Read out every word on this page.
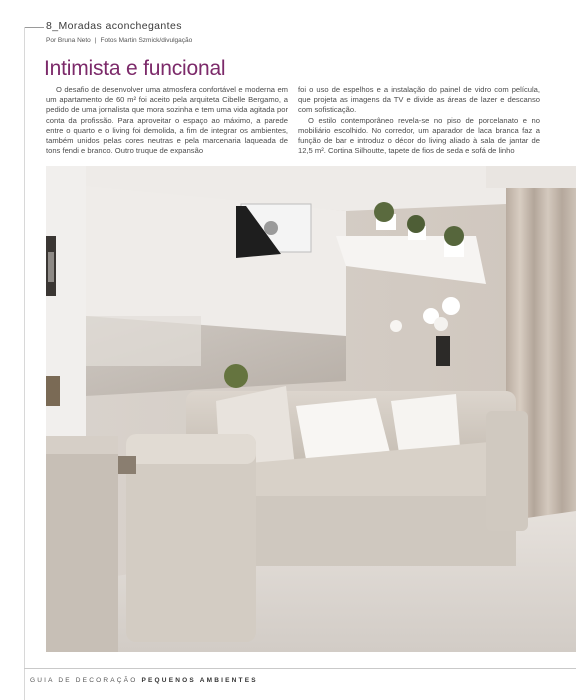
8_Moradas aconchegantes
Por Bruna Neto | Fotos Martin Szmick/divulgação
Intimista e funcional

O desafio de desenvolver uma atmosfera confortável e moderna em um apartamento de 60 m² foi aceito pela arquiteta Cibelle Bergamo, a pedido de uma jornalista que mora sozinha e tem uma vida agitada por conta da profissão. Para aproveitar o espaço ao máximo, a parede entre o quarto e o living foi demolida, a fim de integrar os ambientes, também unidos pelas cores neutras e pela marcenaria laqueada de tons fendi e branco. Outro truque de expansão

foi o uso de espelhos e a instalação do painel de vidro com película, que projeta as imagens da TV e divide as áreas de lazer e descanso com sofisticação.

O estilo contemporâneo revela-se no piso de porcelanato e no mobiliário escolhido. No corredor, um aparador de laca branca faz a função de bar e introduz o décor do living aliado à sala de jantar de 12,5 m². Cortina Silhoutte, tapete de fios de seda e sofá de linho

GUIA DE DECORAÇÃO PEQUENOS AMBIENTES
